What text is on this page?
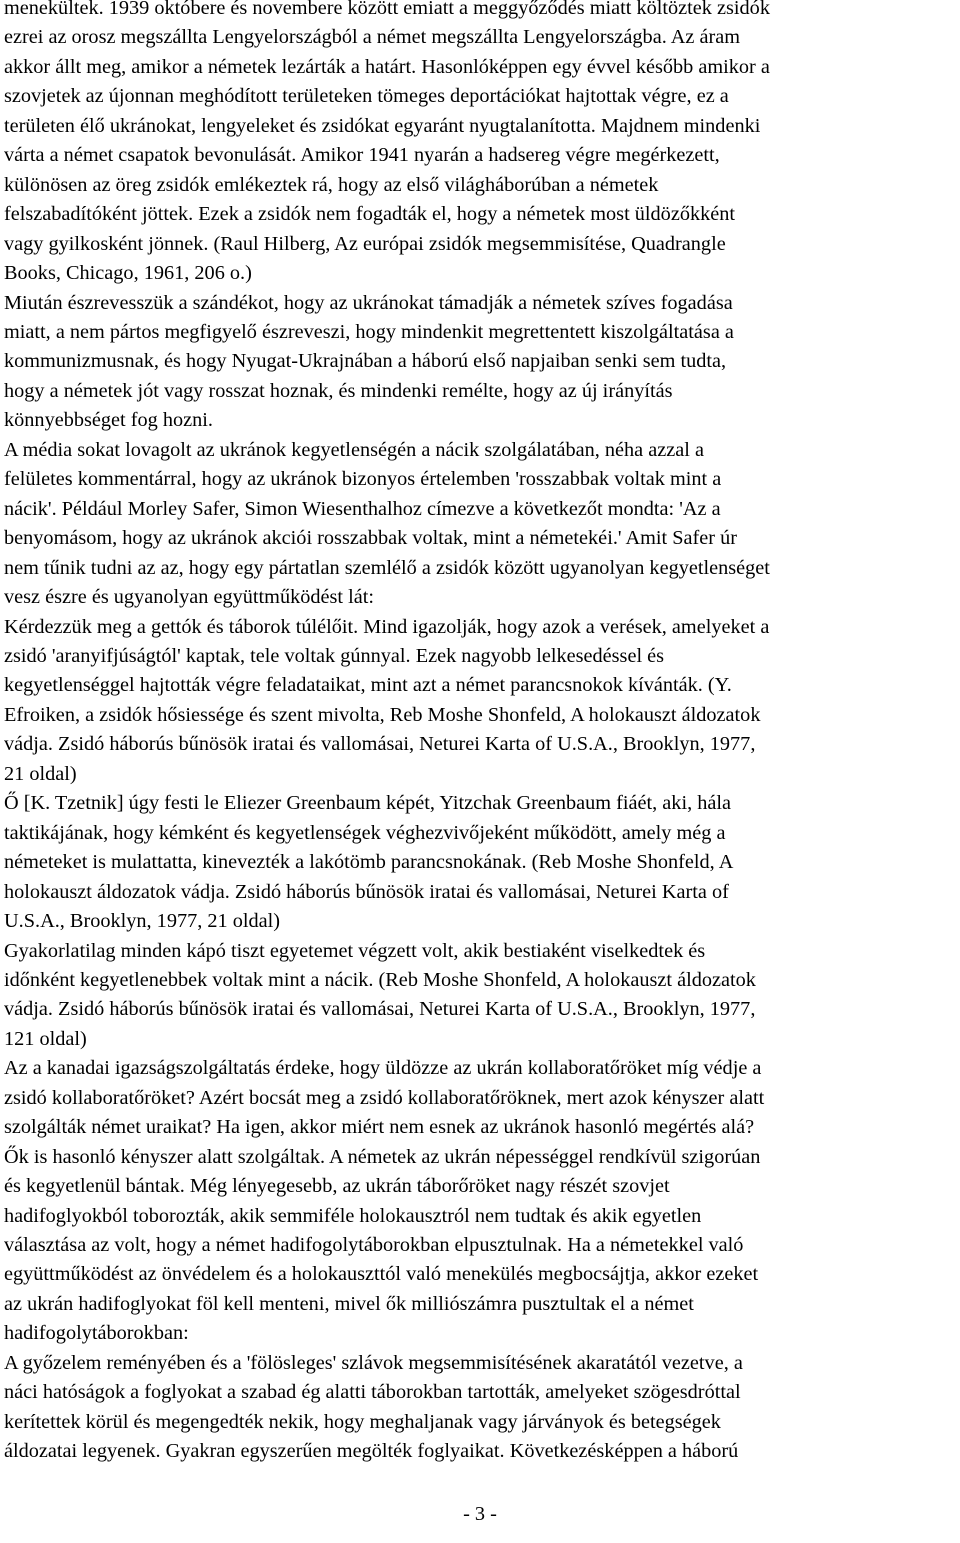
menekültek. 1939 októbere és novembere között emiatt a meggyőződés miatt költöztek zsidók
ezrei az orosz megszállta Lengyelországból a német megszállta Lengyelországba. Az áram
akkor állt meg, amikor a németek lezárták a határt. Hasonlóképpen egy évvel később amikor a
szovjetek az újonnan meghódított területeken tömeges deportációkat hajtottak végre, ez a
területen élő ukránokat, lengyeleket és zsidókat egyaránt nyugtalanította. Majdnem mindenki
várta a német csapatok bevonulását. Amikor 1941 nyarán a hadsereg végre megérkezett,
különösen az öreg zsidók emlékeztek rá, hogy az első világháborúban a németek
felszabadítóként jöttek. Ezek a zsidók nem fogadták el, hogy a németek most üldözőkként
vagy gyilkosként jönnek. (Raul Hilberg, Az európai zsidók megsemmisítése, Quadrangle
Books, Chicago, 1961, 206 o.)

Miután észrevesszük a szándékot, hogy az ukránokat támadják a németek szíves fogadása
miatt, a nem pártos megfigyelő észreveszi, hogy mindenkit megrettentett kiszolgáltatása a
kommunizmusnak, és hogy Nyugat-Ukrajnában a háború első napjaiban senki sem tudta,
hogy a németek jót vagy rosszat hoznak, és mindenki remélte, hogy az új irányítás
könnyebbséget fog hozni.

A média sokat lovagolt az ukránok kegyetlenségén a nácik szolgálatában, néha azzal a
felületes kommentárral, hogy az ukránok bizonyos értelemben 'rosszabbak voltak mint a
nácik'. Például Morley Safer, Simon Wiesenthalhoz címezve a következőt mondta: 'Az a
benyomásom, hogy az ukránok akciói rosszabbak voltak, mint a németekéi.' Amit Safer úr
nem tűnik tudni az az, hogy egy pártatlan szemlélő a zsidók között ugyanolyan kegyetlenséget
vesz észre és ugyanolyan együttműködést lát:

Kérdezzük meg a gettók és táborok túlélőit. Mind igazolják, hogy azok a verések, amelyeket a
zsidó 'aranyifjúságtól' kaptak, tele voltak gúnnyal. Ezek nagyobb lelkesedéssel és
kegyetlenséggel hajtották végre feladataikat, mint azt a német parancsnokok kívánták. (Y.
Efroiken, a zsidók hősiessége és szent mivolta, Reb Moshe Shonfeld, A holokauszt áldozatok
vádja. Zsidó háborús bűnösök iratai és vallomásai, Neturei Karta of U.S.A., Brooklyn, 1977,
21 oldal)

Ő [K. Tzetnik] úgy festi le Eliezer Greenbaum képét, Yitzchak Greenbaum fiáét, aki, hála
taktikájának, hogy kémként és kegyetlenségek véghezvivőjeként működött, amely még a
németeket is mulattatta, kinevezték a lakótömb parancsnokának. (Reb Moshe Shonfeld, A
holokauszt áldozatok vádja. Zsidó háborús bűnösök iratai és vallomásai, Neturei Karta of
U.S.A., Brooklyn, 1977, 21 oldal)

Gyakorlatilag minden kápó tiszt egyetemet végzett volt, akik bestiaként viselkedtek és
időnként kegyetlenebbek voltak mint a nácik. (Reb Moshe Shonfeld, A holokauszt áldozatok
vádja. Zsidó háborús bűnösök iratai és vallomásai, Neturei Karta of U.S.A., Brooklyn, 1977,
121 oldal)

Az a kanadai igazságszolgáltatás érdeke, hogy üldözze az ukrán kollaboratőröket míg védje a
zsidó kollaboratőröket? Azért bocsát meg a zsidó kollaboratőröknek, mert azok kényszer alatt
szolgálták német uraikat? Ha igen, akkor miért nem esnek az ukránok hasonló megértés alá?
Ők is hasonló kényszer alatt szolgáltak. A németek az ukrán népességgel rendkívül szigorúan
és kegyetlenül bántak. Még lényegesebb, az ukrán táborőröket nagy részét szovjet
hadifoglyokból toborozták, akik semmiféle holokausztról nem tudtak és akik egyetlen
választása az volt, hogy a német hadifogolytáborokban elpusztulnak. Ha a németekkel való
együttműködést az önvédelem és a holokauszttól való menekülés megbocsájtja, akkor ezeket
az ukrán hadifoglyokat föl kell menteni, mivel ők milliószámra pusztultak el a német
hadifogolytáborokban:

A győzelem reményében és a 'fölösleges' szlávok megsemmisítésének akaratától vezetve, a
náci hatóságok a foglyokat a szabad ég alatti táborokban tartották, amelyeket szögesdróttal
kerítettek körül és megengedték nekik, hogy meghaljanak vagy járványok és betegségek
áldozatai legyenek. Gyakran egyszerűen megölték foglyaikat. Következésképpen a háború

- 3 -
